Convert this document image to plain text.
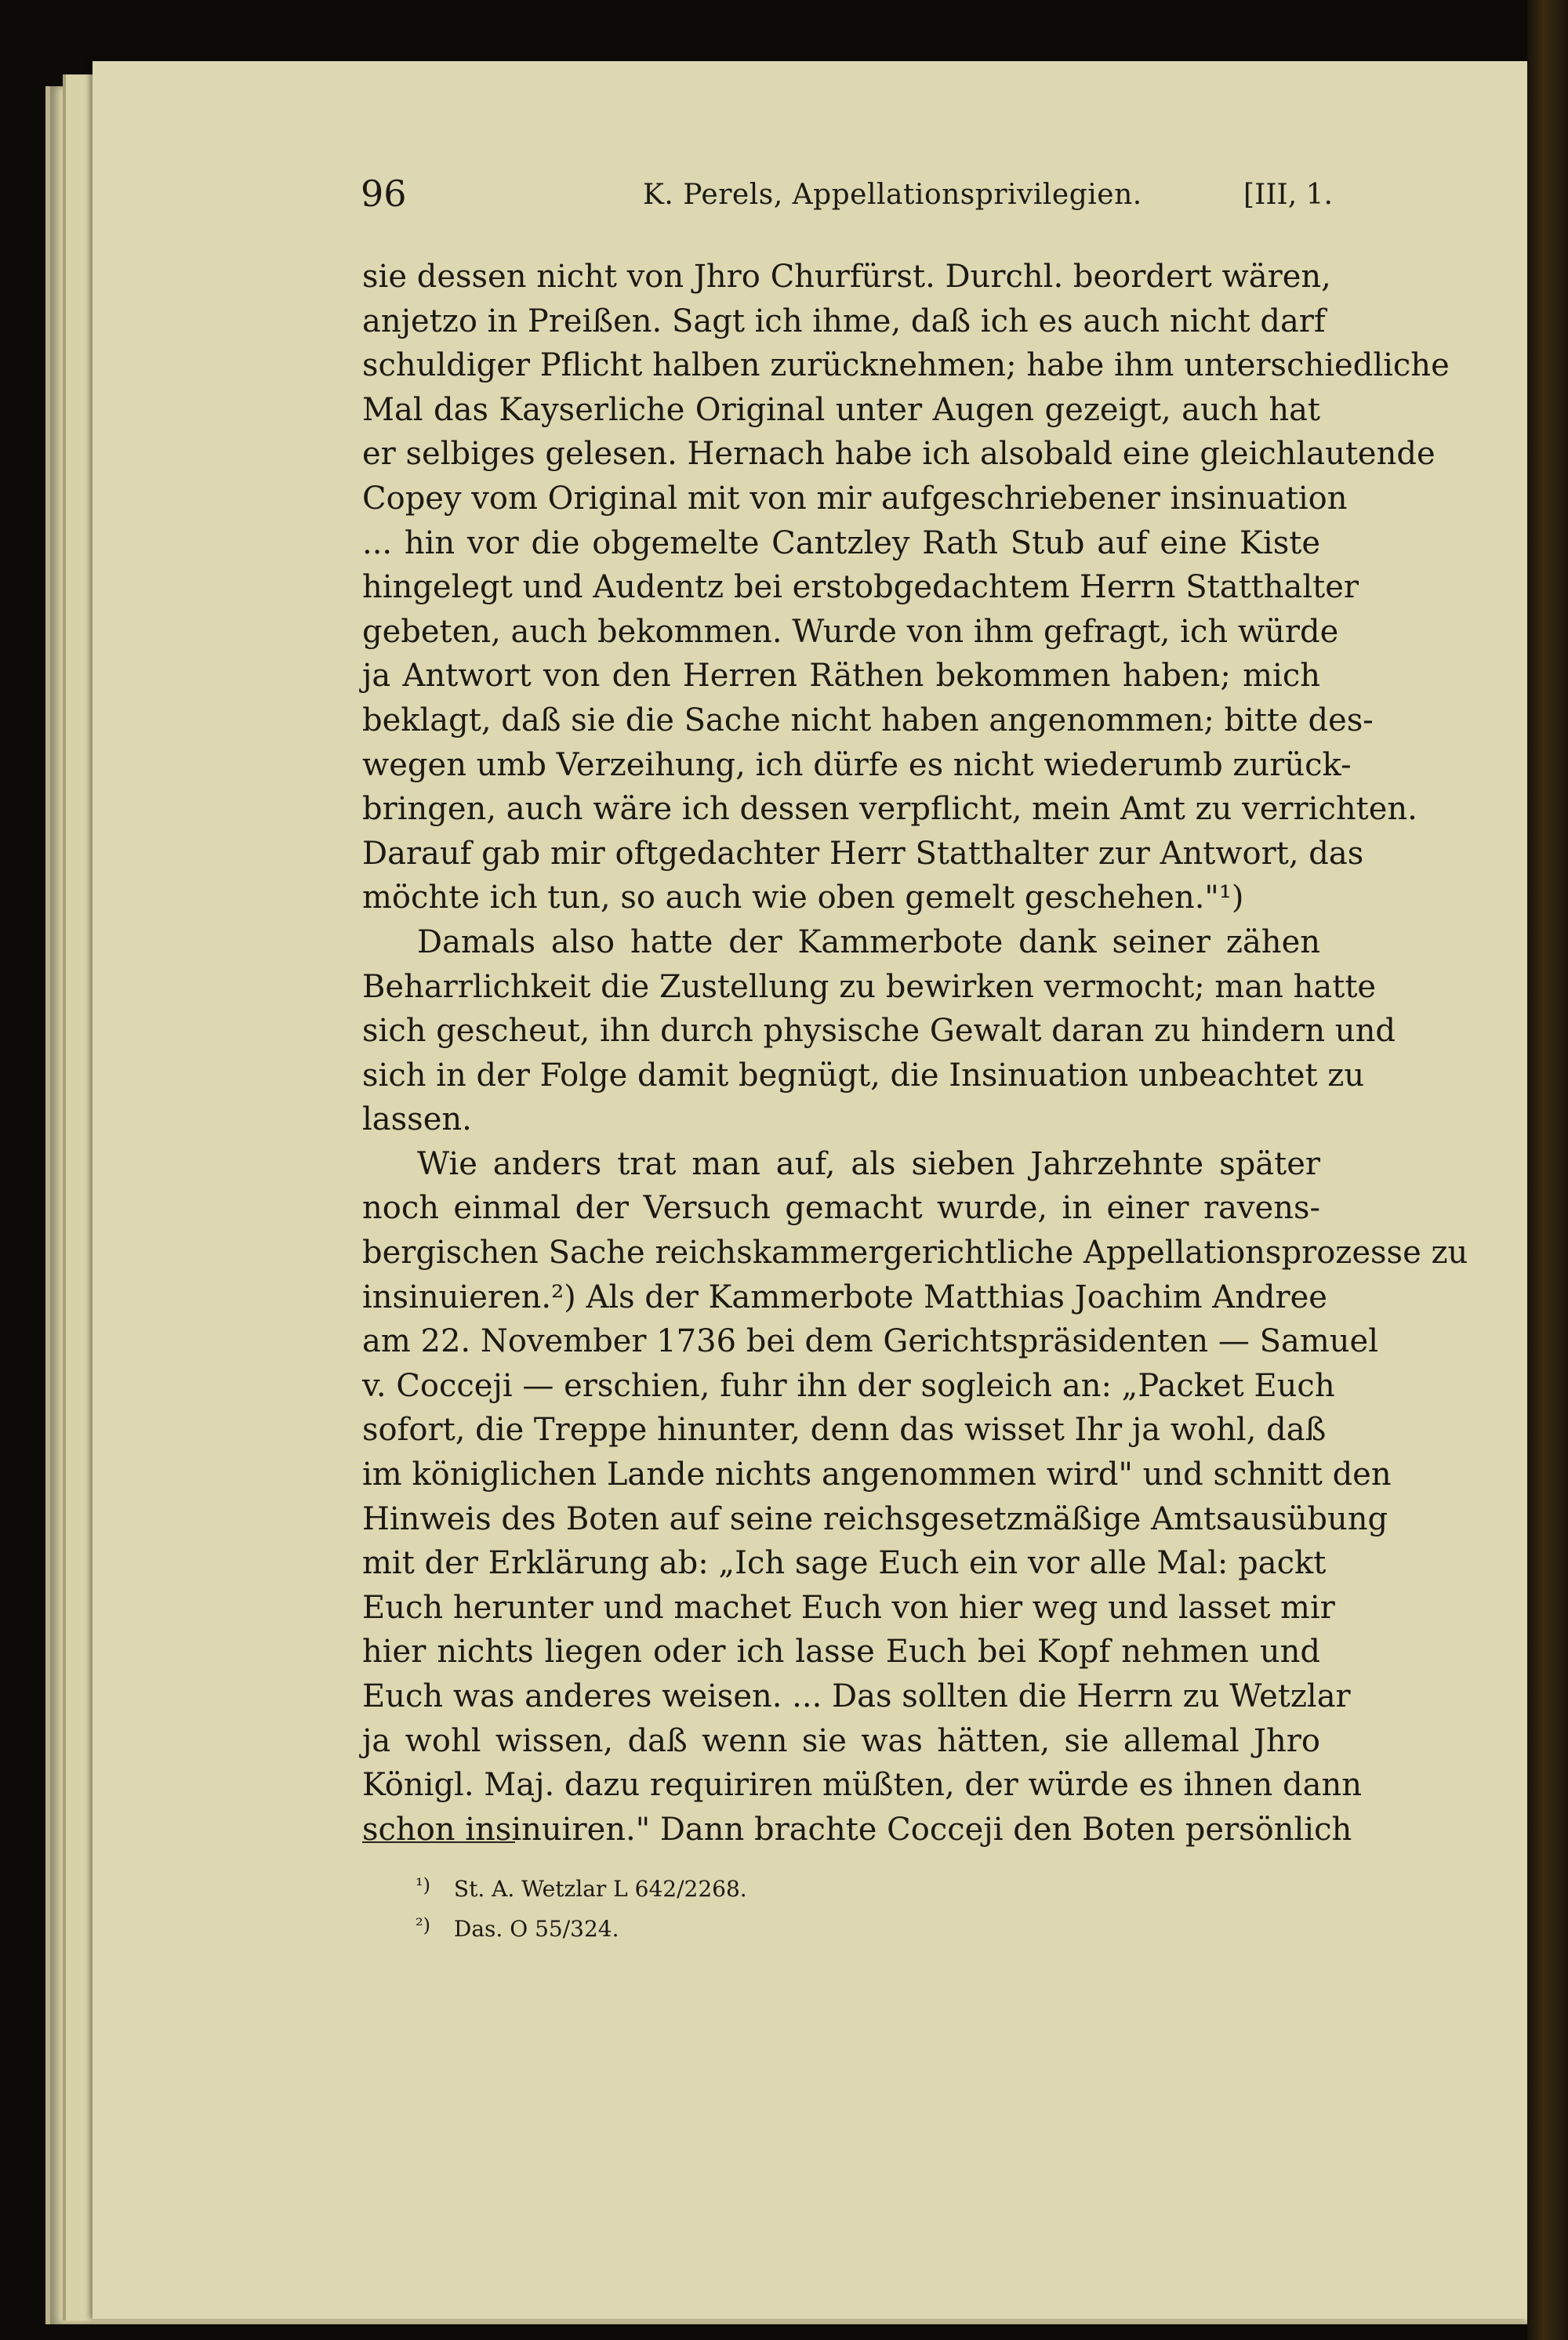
96	K. Perels, Appellationsprivilegien.	[III, 1.
sie dessen nicht von Jhro Churfürst. Durchl. beordert wären,
anjetzo in Preißen. Sagt ich ihme, daß ich es auch nicht darf
schuldiger Pflicht halben zurücknehmen; habe ihm unterschiedliche
Mal das Kayserliche Original unter Augen gezeigt, auch hat
er selbiges gelesen. Hernach habe ich alsobald eine gleichlautende
Copey vom Original mit von mir aufgeschriebener insinuation
... hin vor die obgemelte Cantzley Rath Stub auf eine Kiste
hingelegt und Audentz bei erstobgedachtem Herrn Statthalter
gebeten, auch bekommen. Wurde von ihm gefragt, ich würde
ja Antwort von den Herren Räthen bekommen haben; mich
beklagt, daß sie die Sache nicht haben angenommen; bitte des-
wegen umb Verzeihung, ich dürfe es nicht wiederumb zurück-
bringen, auch wäre ich dessen verpflicht, mein Amt zu verrichten.
Darauf gab mir oftgedachter Herr Statthalter zur Antwort, das
möchte ich tun, so auch wie oben gemelt geschehen."¹)
Damals also hatte der Kammerbote dank seiner zähen
Beharrlichkeit die Zustellung zu bewirken vermocht; man hatte
sich gescheut, ihn durch physische Gewalt daran zu hindern und
sich in der Folge damit begnügt, die Insinuation unbeachtet zu
lassen.
Wie anders trat man auf, als sieben Jahrzehnte später
noch einmal der Versuch gemacht wurde, in einer ravens-
bergischen Sache reichskammergerichtliche Appellationsprozesse zu
insinuieren.²) Als der Kammerbote Matthias Joachim Andree
am 22. November 1736 bei dem Gerichtspräsidenten — Samuel
v. Cocceji — erschien, fuhr ihn der sogleich an: „Packet Euch
sofort, die Treppe hinunter, denn das wisset Ihr ja wohl, daß
im königlichen Lande nichts angenommen wird" und schnitt den
Hinweis des Boten auf seine reichsgesetzmäßige Amtsausübung
mit der Erklärung ab: „Ich sage Euch ein vor alle Mal: packt
Euch herunter und machet Euch von hier weg und lasset mir
hier nichts liegen oder ich lasse Euch bei Kopf nehmen und
Euch was anderes weisen. ... Das sollten die Herrn zu Wetzlar
ja wohl wissen, daß wenn sie was hätten, sie allemal Jhro
Königl. Maj. dazu requiriren müßten, der würde es ihnen dann
schon insinuiren." Dann brachte Cocceji den Boten persönlich
¹) St. A. Wetzlar L 642/2268.
²) Das. O 55/324.
